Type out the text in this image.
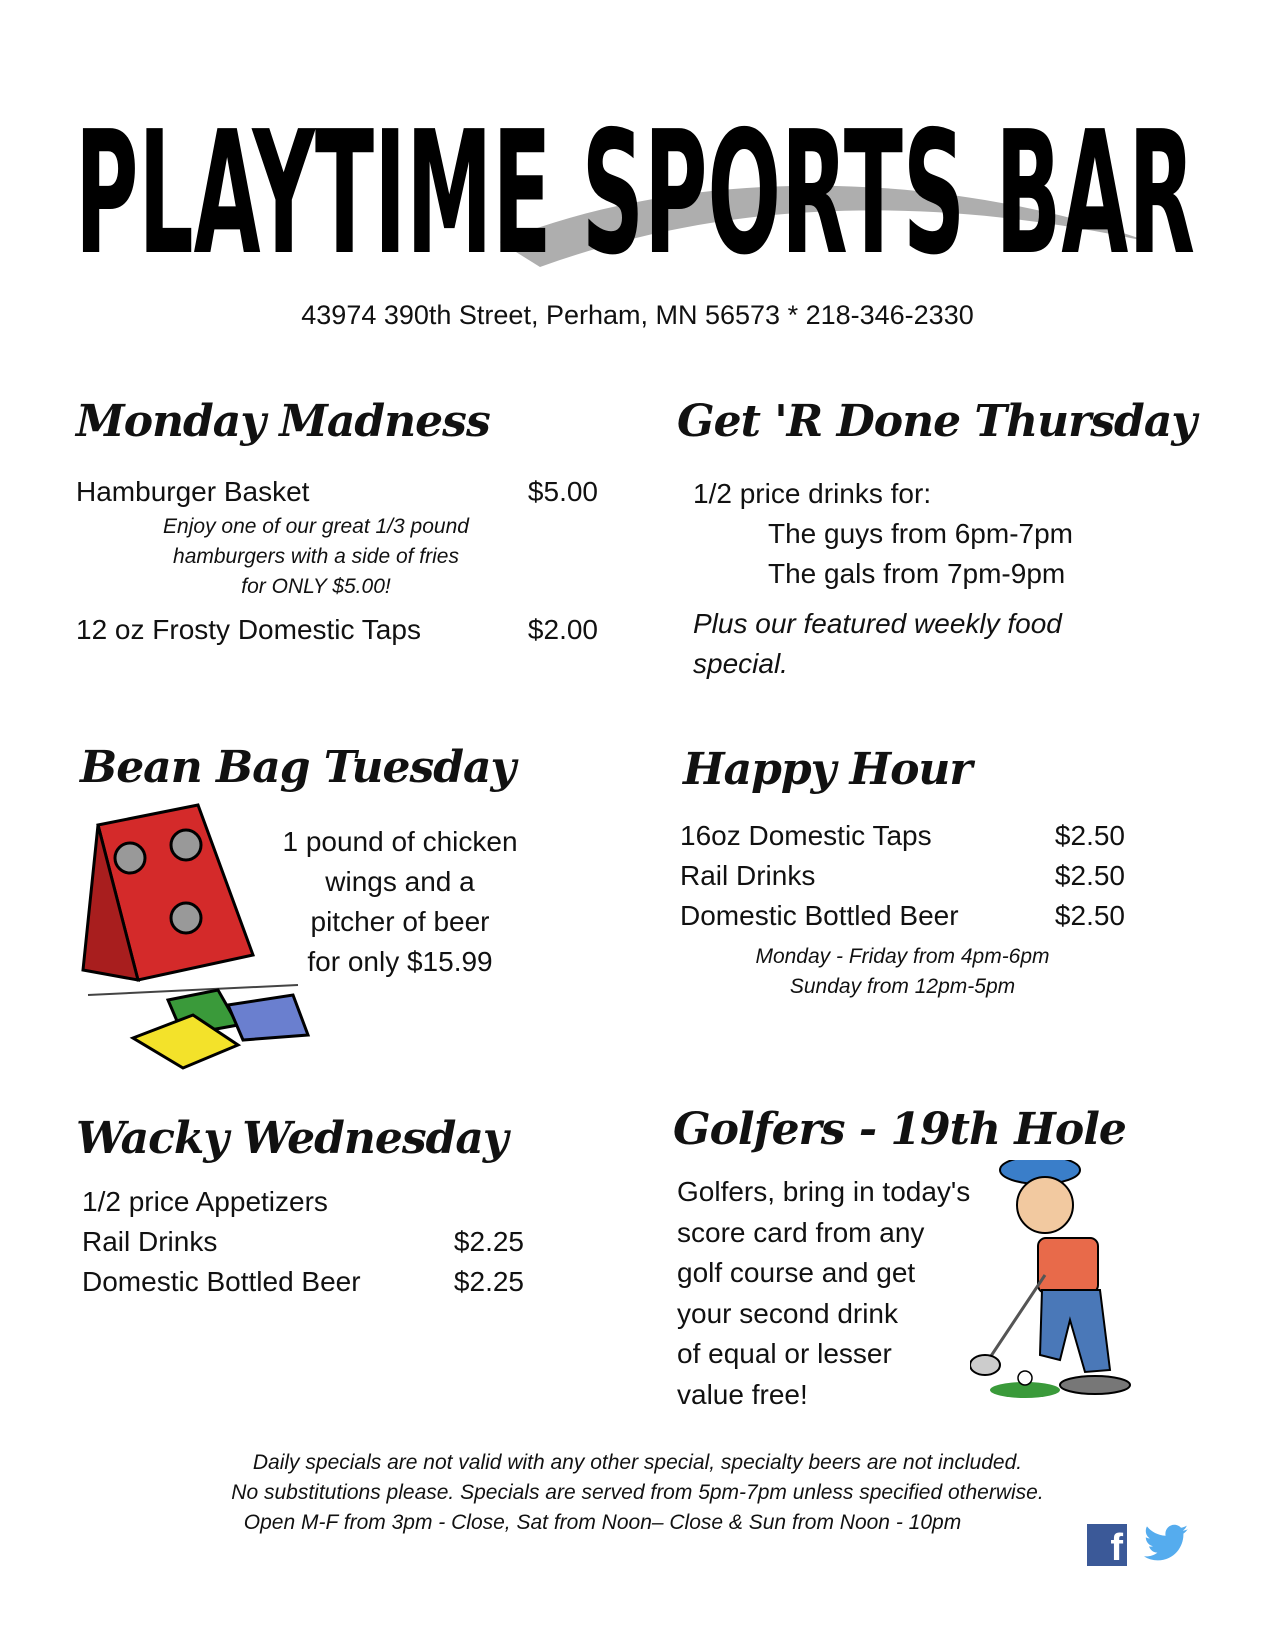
PLAYTIME SPORTS BAR
43974 390th Street, Perham, MN 56573 * 218-346-2330
Monday Madness
Hamburger Basket	$5.00
Enjoy one of our great 1/3 pound
hamburgers with a side of fries
for ONLY $5.00!
12 oz Frosty Domestic Taps	$2.00
Get 'R Done Thursday
1/2 price drinks for:
The guys from 6pm-7pm
The gals from 7pm-9pm
Plus our featured weekly food
special.
Bean Bag Tuesday
1 pound of chicken
wings and a
pitcher of beer
for only $15.99
Happy Hour
16oz Domestic Taps	$2.50
Rail Drinks	$2.50
Domestic Bottled Beer	$2.50
Monday - Friday from 4pm-6pm
Sunday from 12pm-5pm
Wacky Wednesday
1/2 price Appetizers
Rail Drinks	$2.25
Domestic Bottled Beer	$2.25
Golfers - 19th Hole
Golfers, bring in today's
score card from any
golf course and get
your second drink
of equal or lesser
value free!
Daily specials are not valid with any other special, specialty beers are not included.
No substitutions please. Specials are served from 5pm-7pm unless specified otherwise.
Open M-F from 3pm - Close, Sat from Noon– Close & Sun from Noon - 10pm
f
